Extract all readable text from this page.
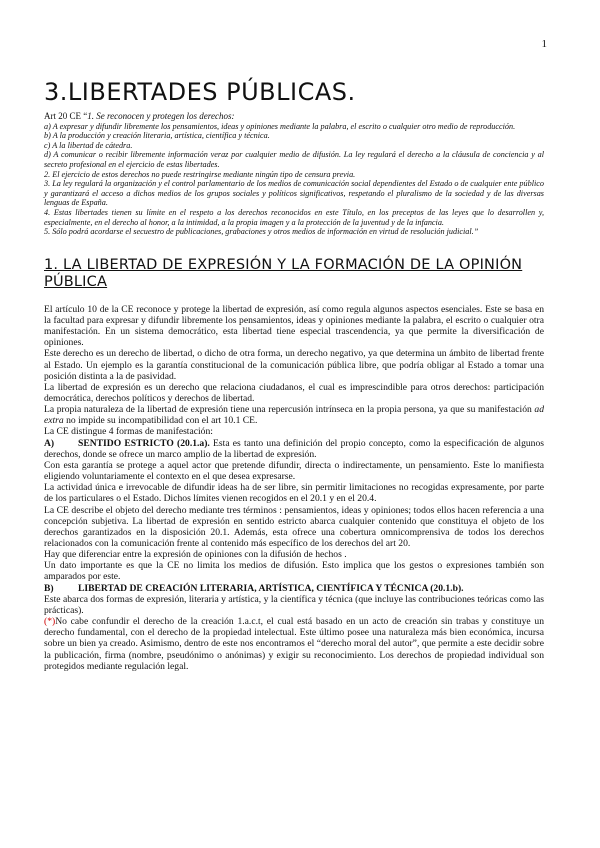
1
3.LIBERTADES PÚBLICAS.

Art 20 CE “1. Se reconocen y protegen los derechos:

a) A expresar y difundir libremente los pensamientos, ideas y opiniones mediante la palabra, el escrito o cualquier otro medio de reproducción.

b) A la producción y creación literaria, artística, científica y técnica.

c) A la libertad de cátedra.

d) A comunicar o recibir libremente información veraz por cualquier medio de difusión. La ley regulará el derecho a la cláusula de conciencia y al secreto profesional en el ejercicio de estas libertades.

2. El ejercicio de estos derechos no puede restringirse mediante ningún tipo de censura previa.

3. La ley regulará la organización y el control parlamentario de los medios de comunicación social dependientes del Estado o de cualquier ente público y garantizará el acceso a dichos medios de los grupos sociales y políticos significativos, respetando el pluralismo de la sociedad y de las diversas lenguas de España.

4. Estas libertades tienen su límite en el respeto a los derechos reconocidos en este Título, en los preceptos de las leyes que lo desarrollen y, especialmente, en el derecho al honor, a la intimidad, a la propia imagen y a la protección de la juventud y de la infancia.

5. Sólo podrá acordarse el secuestro de publicaciones, grabaciones y otros medios de información en virtud de resolución judicial.”

1. LA LIBERTAD DE EXPRESIÓN Y LA FORMACIÓN DE LA OPINIÓN PÚBLICA

El artículo 10 de la CE reconoce y protege la libertad de expresión, así como regula algunos aspectos esenciales. Este se basa en la facultad para expresar y difundir libremente los pensamientos, ideas y opiniones mediante la palabra, el escrito o cualquier otra manifestación. En un sistema democrático, esta libertad tiene especial trascendencia, ya que permite la diversificación de opiniones.

Este derecho es un derecho de libertad, o dicho de otra forma, un derecho negativo, ya que determina un ámbito de libertad frente al Estado. Un ejemplo es la garantía constitucional de la comunicación pública libre, que podría obligar al Estado a tomar una posición distinta a la de pasividad.

La libertad de expresión es un derecho que relaciona ciudadanos, el cual es imprescindible para otros derechos: participación democrática, derechos políticos y derechos de libertad.

La propia naturaleza de la libertad de expresión tiene una repercusión intrínseca en la propia persona, ya que su manifestación ad extra no impide su incompatibilidad con el art 10.1 CE.

La CE distingue 4 formas de manifestación:

A) SENTIDO ESTRICTO (20.1.a). Esta es tanto una definición del propio concepto, como la especificación de algunos derechos, donde se ofrece un marco amplio de la libertad de expresión.

Con esta garantía se protege a aquel actor que pretende difundir, directa o indirectamente, un pensamiento. Este lo manifiesta eligiendo voluntariamente el contexto en el que desea expresarse.

La actividad única e irrevocable de difundir ideas ha de ser libre, sin permitir limitaciones no recogidas expresamente, por parte de los particulares o el Estado. Dichos límites vienen recogidos en el 20.1 y en el 20.4.

La CE describe el objeto del derecho mediante tres términos : pensamientos, ideas y opiniones; todos ellos hacen referencia a una concepción subjetiva. La libertad de expresión en sentido estricto abarca cualquier contenido que constituya el objeto de los derechos garantizados en la disposición 20.1. Además, esta ofrece una cobertura omnicomprensiva de todos los derechos relacionados con la comunicación frente al contenido más específico de los derechos del art 20.

Hay que diferenciar entre la expresión de opiniones con la difusión de hechos .

Un dato importante es que la CE no limita los medios de difusión. Esto implica que los gestos o expresiones también son amparados por este.

B)	LIBERTAD DE CREACIÓN LITERARIA, ARTÍSTICA, CIENTÍFICA Y TÉCNICA (20.1.b).

Este abarca dos formas de expresión, literaria y artística, y la científica y técnica (que incluye las contribuciones teóricas como las prácticas).

(*)No cabe confundir el derecho de la creación 1.a.c.t, el cual está basado en un acto de creación sin trabas y constituye un derecho fundamental, con el derecho de la propiedad intelectual. Este último posee una naturaleza más bien económica, incursa sobre un bien ya creado. Asimismo, dentro de este nos encontramos el “derecho moral del autor”, que permite a este decidir sobre la publicación, firma (nombre, pseudónimo o anónimas) y exigir su reconocimiento. Los derechos de propiedad individual son protegidos mediante regulación legal.
